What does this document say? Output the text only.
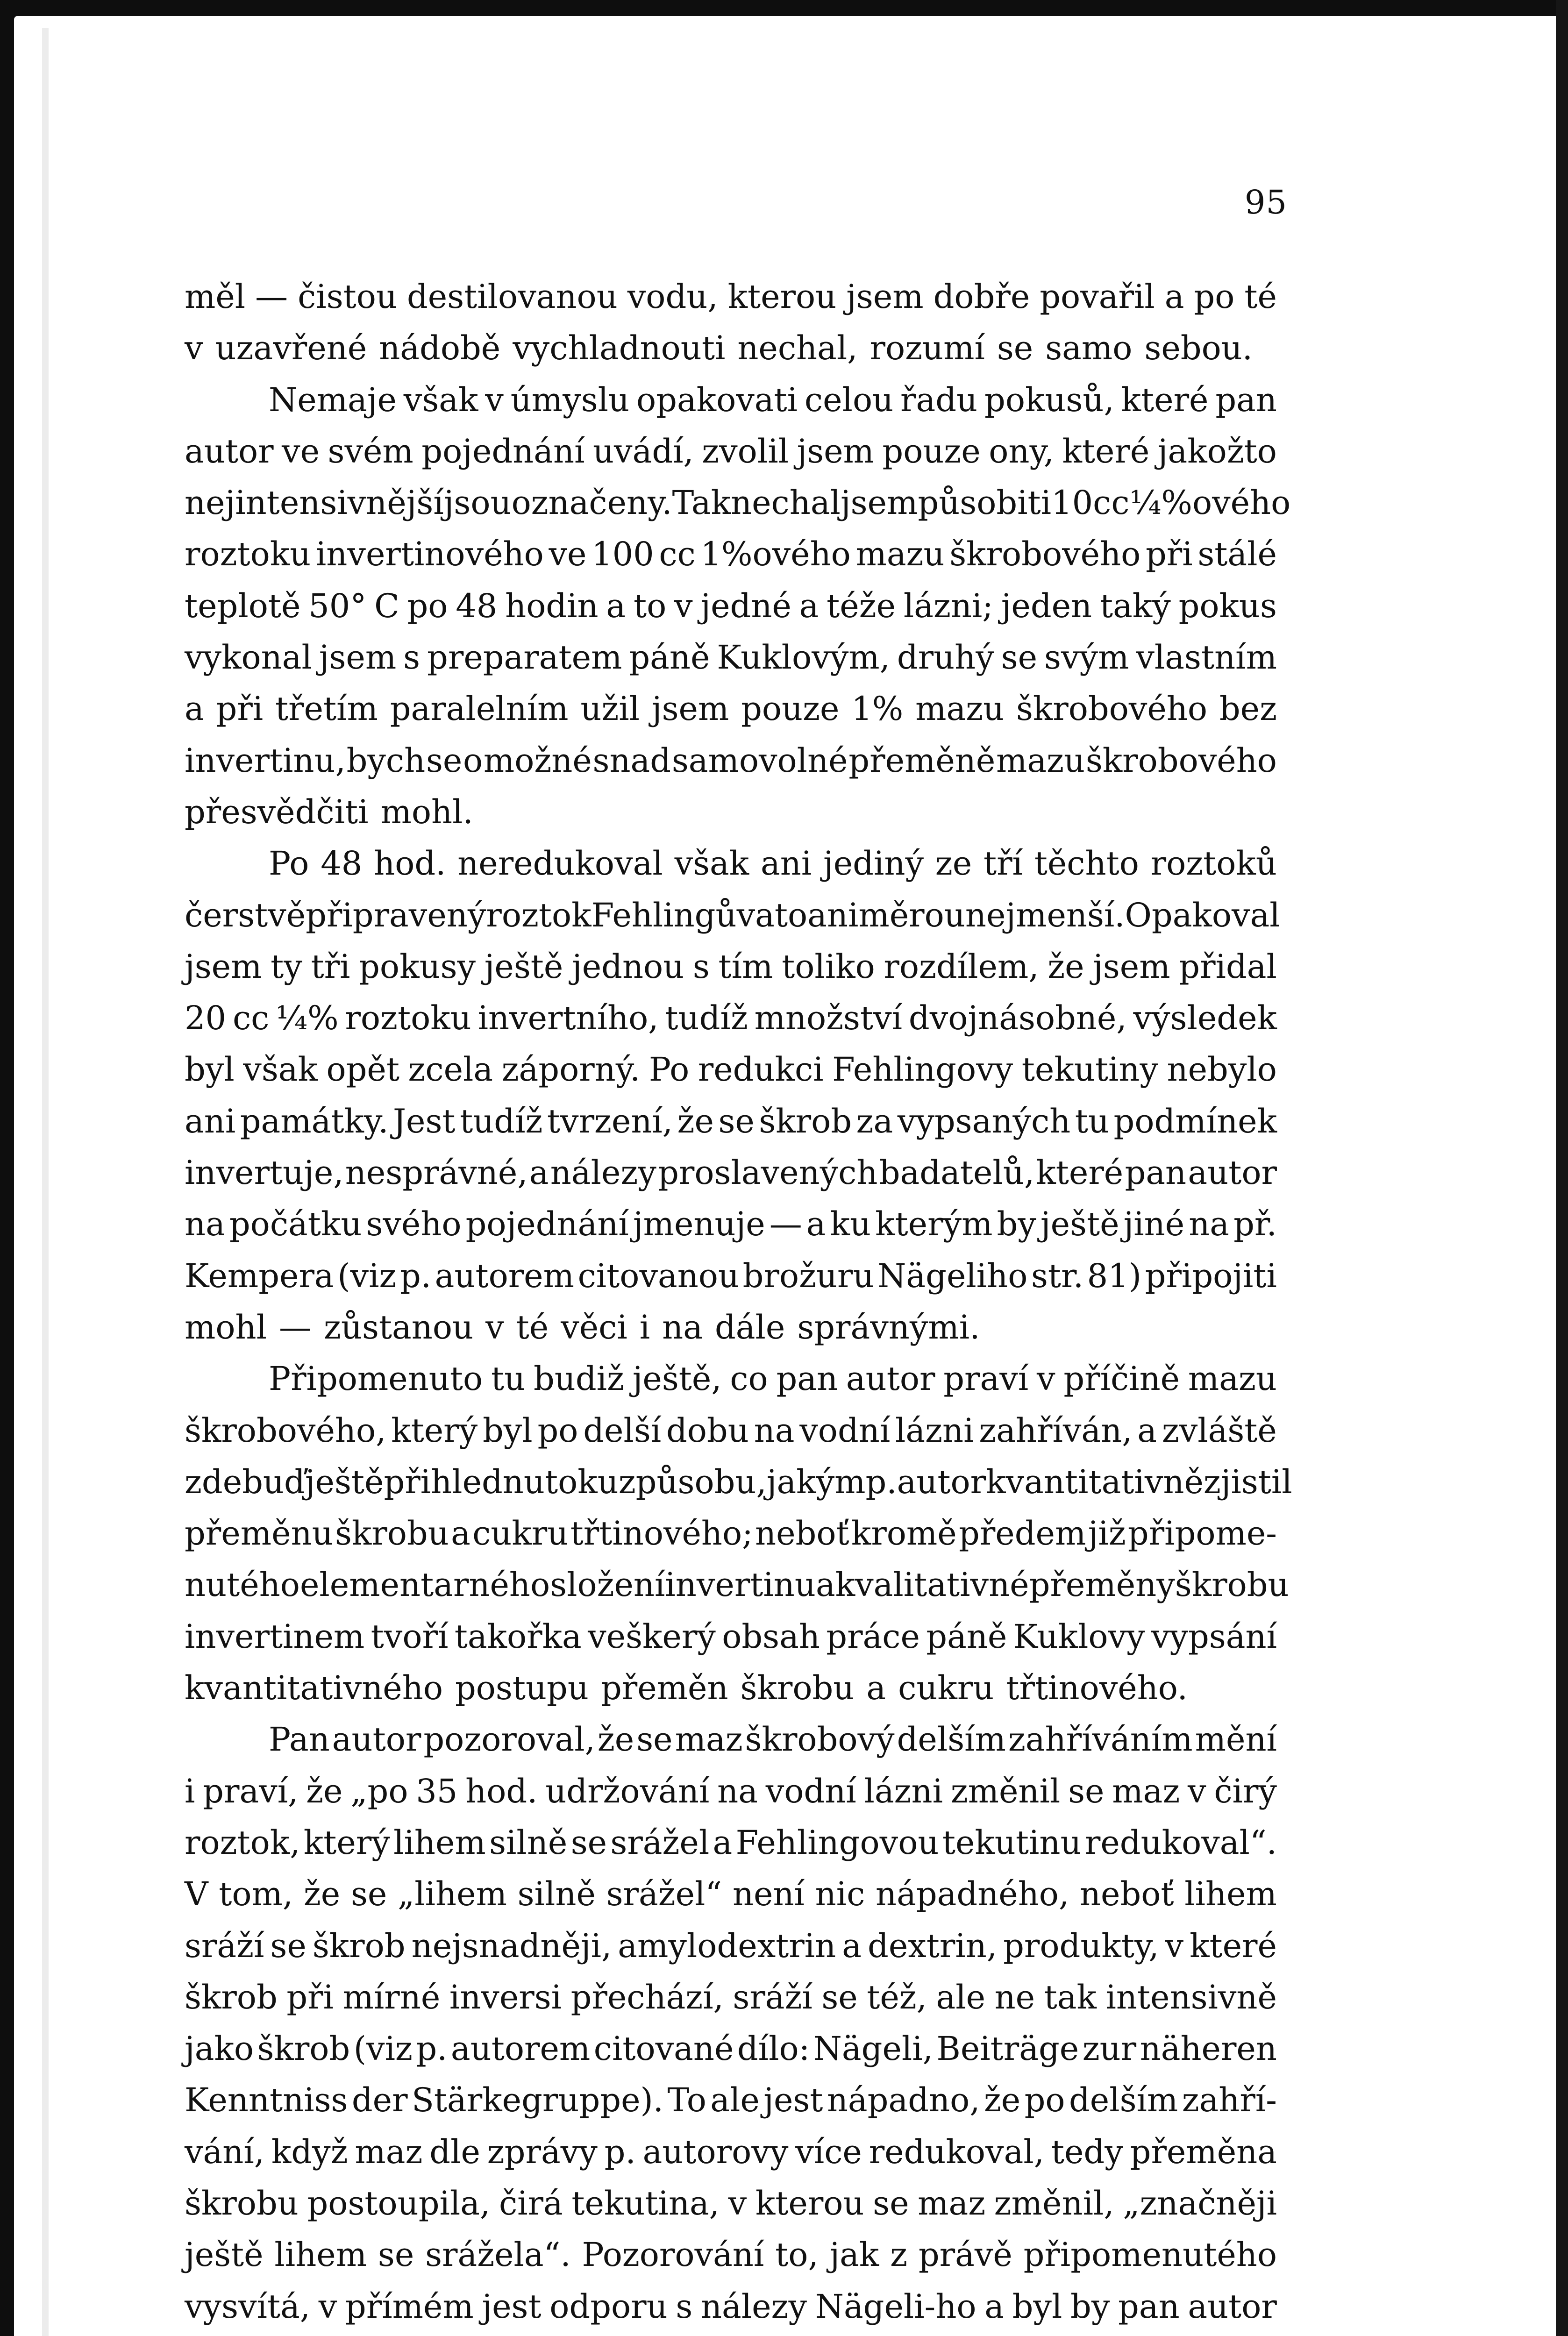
95
měl — čistou destilovanou vodu, kterou jsem dobře povařil a po té
v uzavřené nádobě vychladnouti nechal, rozumí se samo sebou.
Nemaje však v úmyslu opakovati celou řadu pokusů, které pan
autor ve svém pojednání uvádí, zvolil jsem pouze ony, které jakožto
nejintensivnější jsou označeny. Tak nechal jsem působiti 10 cc ¼%ového
roztoku invertinového ve 100 cc 1%ového mazu škrobového při stálé
teplotě 50° C po 48 hodin a to v jedné a téže lázni; jeden taký pokus
vykonal jsem s preparatem páně Kuklovým, druhý se svým vlastním
a při třetím paralelním užil jsem pouze 1% mazu škrobového bez
invertinu, bych se o možné snad samovolné přeměně mazu škrobového
přesvědčiti mohl.
Po 48 hod. neredukoval však ani jediný ze tří těchto roztoků
čerstvě připravený roztok Fehlingův a to ani měrou nejmenší. Opakoval
jsem ty tři pokusy ještě jednou s tím toliko rozdílem, že jsem přidal
20 cc ¼% roztoku invertního, tudíž množství dvojnásobné, výsledek
byl však opět zcela záporný. Po redukci Fehlingovy tekutiny nebylo
ani památky. Jest tudíž tvrzení, že se škrob za vypsaných tu podmínek
invertuje, nesprávné, a nálezy proslavených badatelů, které pan autor
na počátku svého pojednání jmenuje — a ku kterým by ještě jiné na př.
Kempera (viz p. autorem citovanou brožuru Nägeliho str. 81) připojiti
mohl — zůstanou v té věci i na dále správnými.
Připomenuto tu budiž ještě, co pan autor praví v příčině mazu
škrobového, který byl po delší dobu na vodní lázni zahříván, a zvláště
zde buď ještě přihlednuto ku způsobu, jakým p. autor kvantitativně zjistil
přeměnu škrobu a cukru třtinového; neboť kromě předem již připome-
nutého elementarného složení invertinu a kvalitativné přeměny škrobu
invertinem tvoří takořka veškerý obsah práce páně Kuklovy vypsání
kvantitativného postupu přeměn škrobu a cukru třtinového.
Pan autor pozoroval, že se maz škrobový delším zahříváním mění
i praví, že „po 35 hod. udržování na vodní lázni změnil se maz v čirý
roztok, který lihem silně se srážel a Fehlingovou tekutinu redukoval“.
V tom, že se „lihem silně srážel“ není nic nápadného, neboť lihem
sráží se škrob nejsnadněji, amylodextrin a dextrin, produkty, v které
škrob při mírné inversi přechází, sráží se též, ale ne tak intensivně
jako škrob (viz p. autorem citované dílo: Nägeli, Beiträge zur näheren
Kenntniss der Stärkegruppe). To ale jest nápadno, že po delším zahří-
vání, když maz dle zprávy p. autorovy více redukoval, tedy přeměna
škrobu postoupila, čirá tekutina, v kterou se maz změnil, „značněji
ještě lihem se srážela“. Pozorování to, jak z právě připomenutého
vysvítá, v přímém jest odporu s nálezy Nägeli-ho a byl by pan autor
